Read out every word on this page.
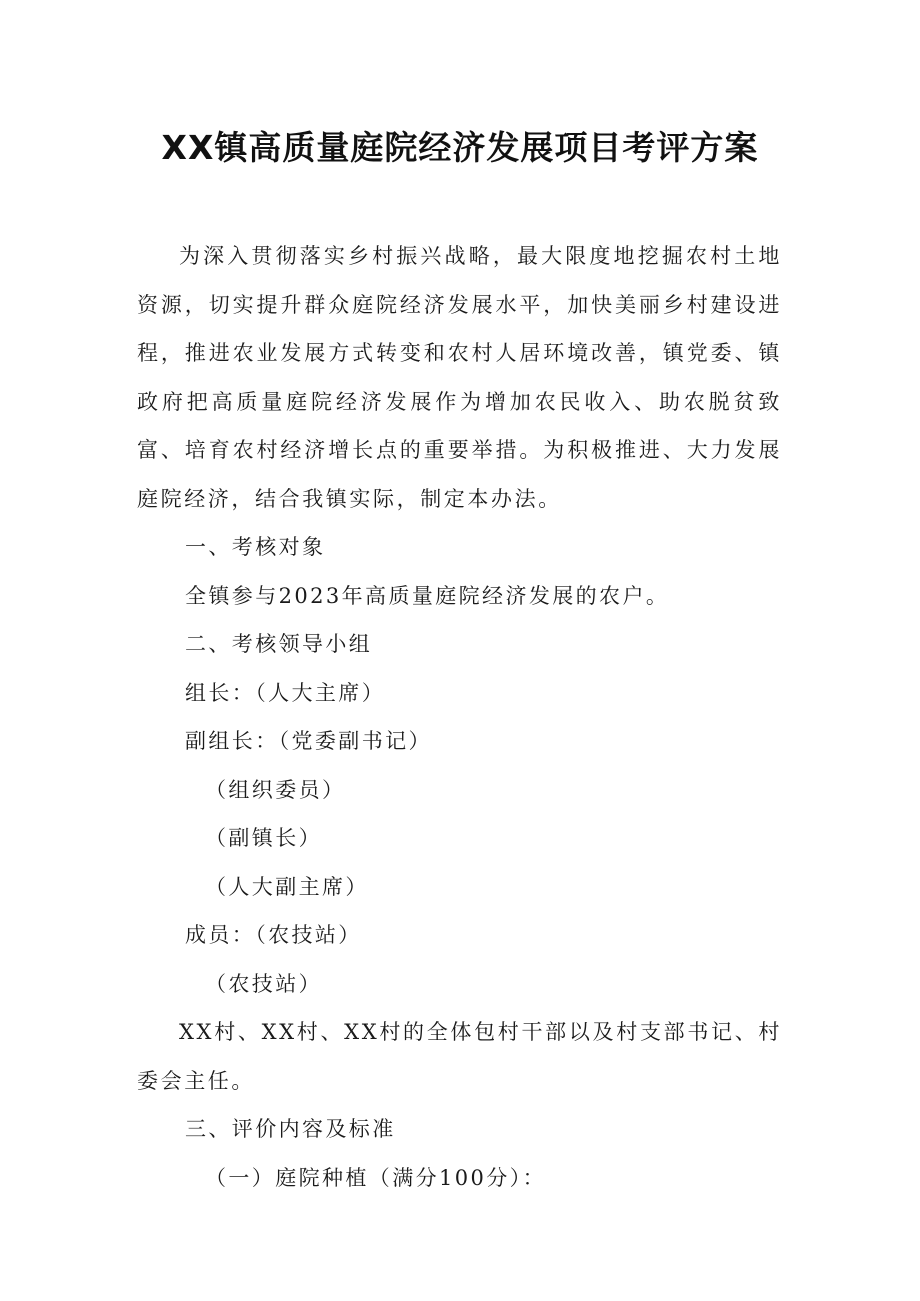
XX镇高质量庭院经济发展项目考评方案

为深入贯彻落实乡村振兴战略，最大限度地挖掘农村土地资源，切实提升群众庭院经济发展水平，加快美丽乡村建设进程，推进农业发展方式转变和农村人居环境改善，镇党委、镇政府把高质量庭院经济发展作为增加农民收入、助农脱贫致富、培育农村经济增长点的重要举措。为积极推进、大力发展庭院经济，结合我镇实际，制定本办法。

一、考核对象

全镇参与2023年高质量庭院经济发展的农户。

二、考核领导小组

组长：（人大主席）

副组长：（党委副书记）

（组织委员）

（副镇长）

（人大副主席）

成员：（农技站）

（农技站）

XX村、XX村、XX村的全体包村干部以及村支部书记、村委会主任。

三、评价内容及标准

（一）庭院种植（满分100分）：
